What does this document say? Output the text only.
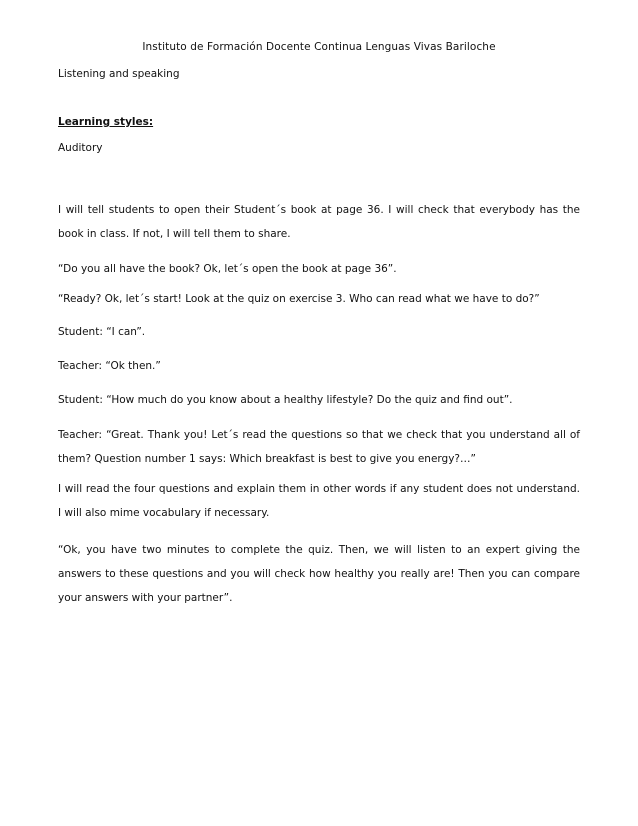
Instituto de Formación Docente Continua Lenguas Vivas Bariloche

Listening and speaking

Learning styles:

Auditory

I will tell students to open their Student´s book at page 36. I will check that everybody has the book in class. If not, I will tell them to share.

“Do you all have the book? Ok, let´s open the book at page 36”.

“Ready? Ok, let´s start! Look at the quiz on exercise 3. Who can read what we have to do?”

Student: “I can”.

Teacher: “Ok then.”

Student: “How much do you know about a healthy lifestyle? Do the quiz and find out”.

Teacher: “Great. Thank you! Let´s read the questions so that we check that you understand all of them? Question number 1 says: Which breakfast is best to give you energy?…”

I will read the four questions and explain them in other words if any student does not understand. I will also mime vocabulary if necessary.

“Ok, you have two minutes to complete the quiz. Then, we will listen to an expert giving the answers to these questions and you will check how healthy you really are! Then you can compare your answers with your partner”.
